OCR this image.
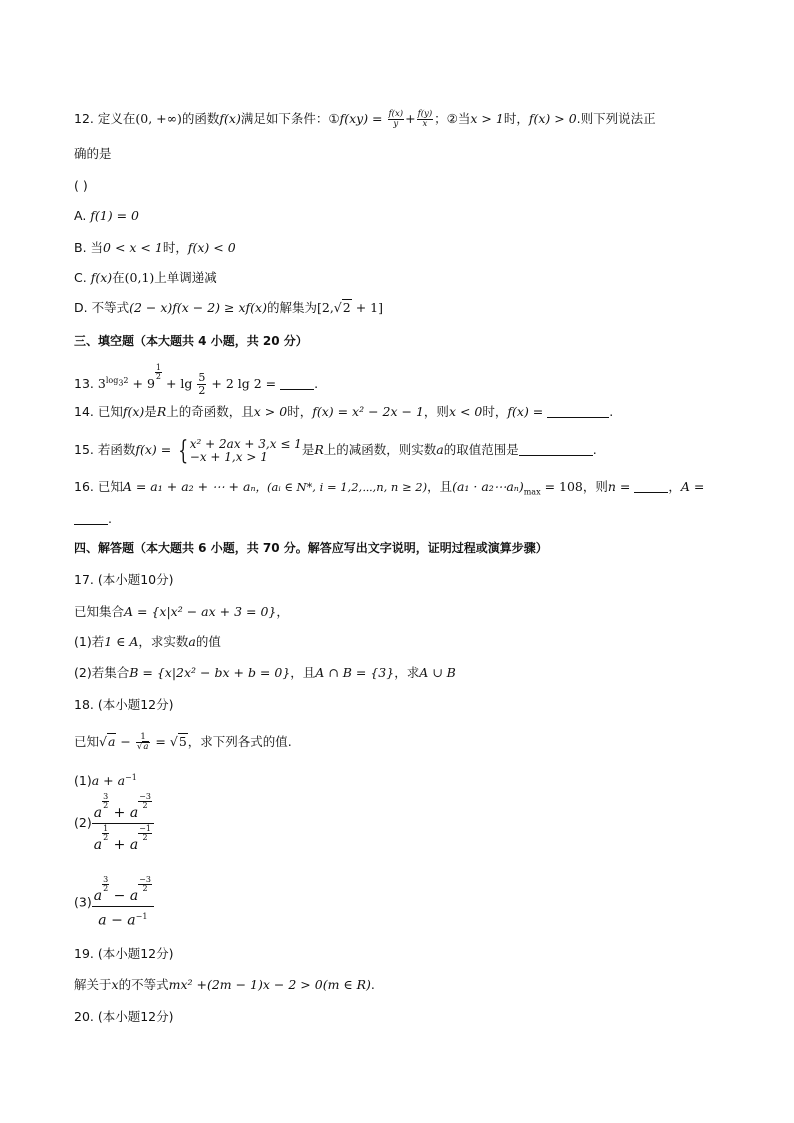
12. 定义在(0, +∞)的函数f(x)满足如下条件：①f(xy) = $\frac{f(x)}{y} + \frac{f(y)}{x}$ ；②当x > 1时，f(x) > 0.则下列说法正
确的是
( )
A. f(1) = 0
B. 当0 < x < 1时，f(x) < 0
C. f(x)在(0,1)上单调递减
D. 不等式(2 − x)f(x − 2) ≥ xf(x)的解集为[2,√2 + 1]
三、填空题（本大题共 4 小题，共 20 分）
13. $3^{log_32} + 9$
$^{\frac{1}{2}}$
+ $\lg \frac{5}{2} + 2$ lg 2 =	.
14. 已知f(x)是R上的奇函数，且x > 0时，f(x) = x² − 2x − 1，则x < 0时，f(x) =	.
15. 若函数f(x) = { x² + 2ax + 3,x ≤ 1
−x + 1,x > 1	是R上的减函数，则实数a的取值范围是	.
16. 已知A = a₁ + a₂ + ⋯ + aₙ，(aᵢ ∈ N*, i = 1,2,⋯,n, n ≥ 2)，且$(a_1 \cdot a_2\cdots a_n)_{max} = 108$，则n =	，A =
.
四、解答题（本大题共 6 小题，共 70 分。解答应写出文字说明，证明过程或演算步骤）
17. (本小题10分)
已知集合A = {x|x² − ax + 3 = 0}，
(1)若1 ∈ A，求实数a的值
(2)若集合B = {x|2x² − bx + b = 0}，且A ∩ B = {3}，求A ∪ B
18. (本小题12分)
已知$√a - \frac{1}{√a} = √5$，求下列各式的值.
$(1)a + a^{-1}$
(2) a
$^{\frac{3}{2}}$
+ a
$^{\frac{-3}{2}}$
a
$^{\frac{1}{2}}$
+ a
$^{\frac{-1}{2}}$
(3) a
$^{\frac{3}{2}}$
− a
$^{\frac{-3}{2}}$
$a - a^{-1}$
19. (本小题12分)
解关于x的不等式mx² +(2m − 1)x − 2 > 0(m ∈ R).
20. (本小题12分)
